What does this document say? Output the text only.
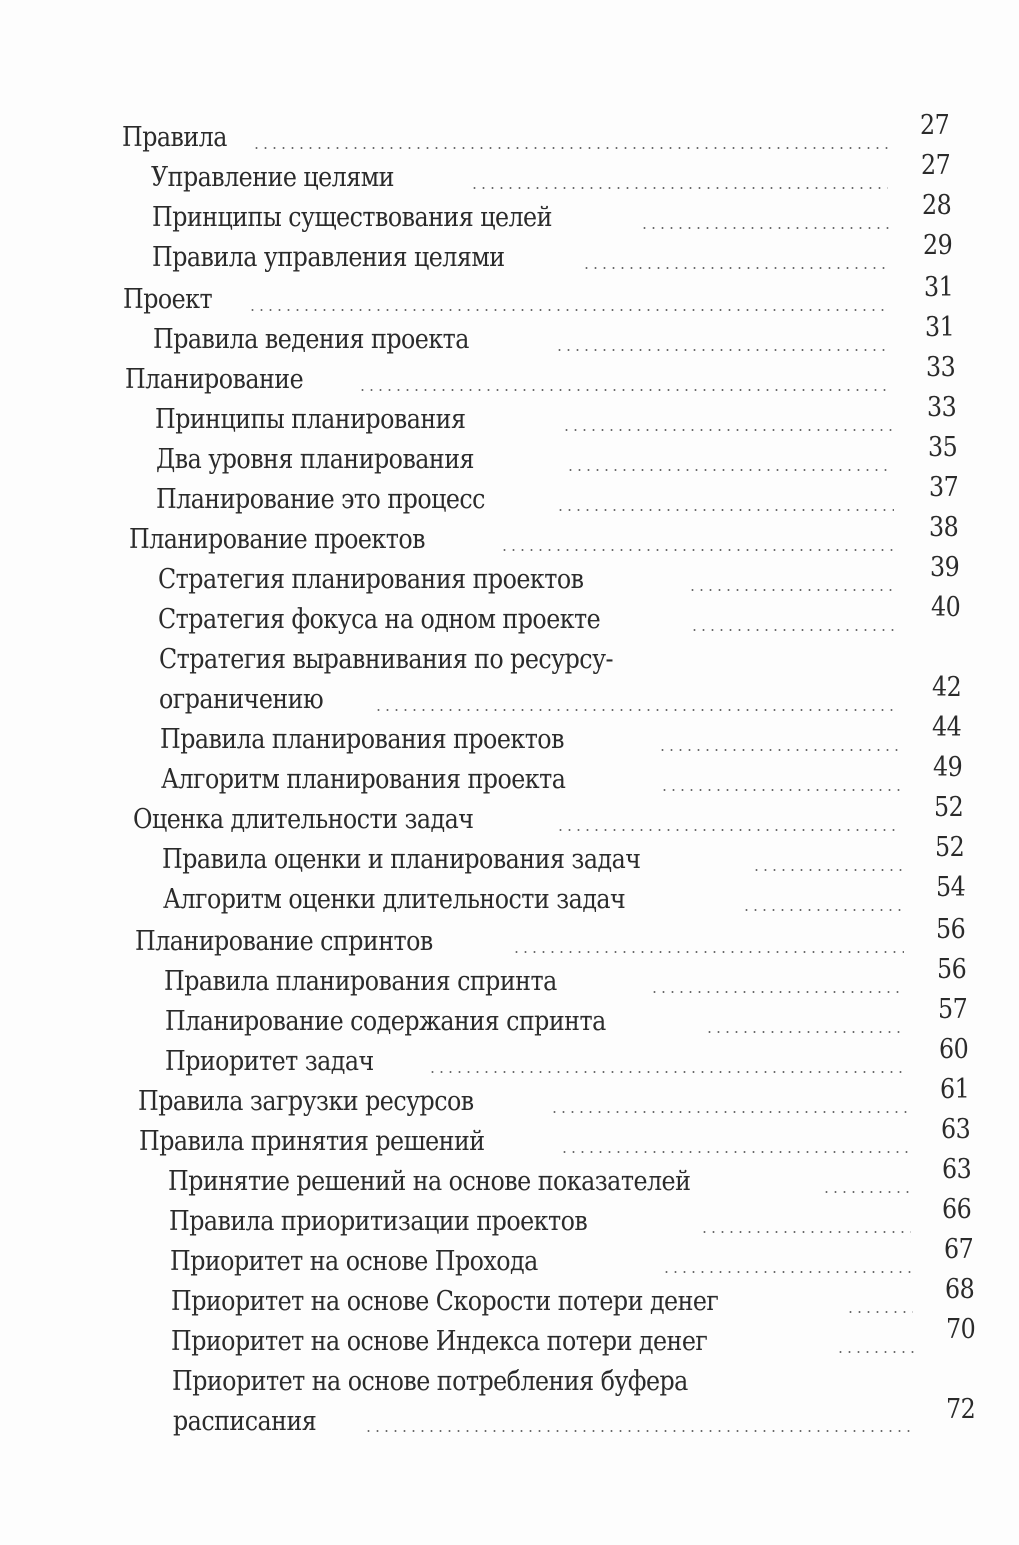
Правила	27
Управление целями	27
Принципы существования целей	28
Правила управления целями	29
Проект	31
Правила ведения проекта	31
Планирование	33
Принципы планирования	33
Два уровня планирования	35
Планирование это процесс	37
Планирование проектов	38
Стратегия планирования проектов	39
Стратегия фокуса на одном проекте	40
Стратегия выравнивания по ресурсу-
ограничению	42
Правила планирования проектов	44
Алгоритм планирования проекта	49
Оценка длительности задач	52
Правила оценки и планирования задач	52
Алгоритм оценки длительности задач	54
Планирование спринтов	56
Правила планирования спринта	56
Планирование содержания спринта	57
Приоритет задач	60
Правила загрузки ресурсов	61
Правила принятия решений	63
Принятие решений на основе показателей	63
Правила приоритизации проектов	66
Приоритет на основе Прохода	67
Приоритет на основе Скорости потери денег	68
Приоритет на основе Индекса потери денег	70
Приоритет на основе потребления буфера
расписания	72
